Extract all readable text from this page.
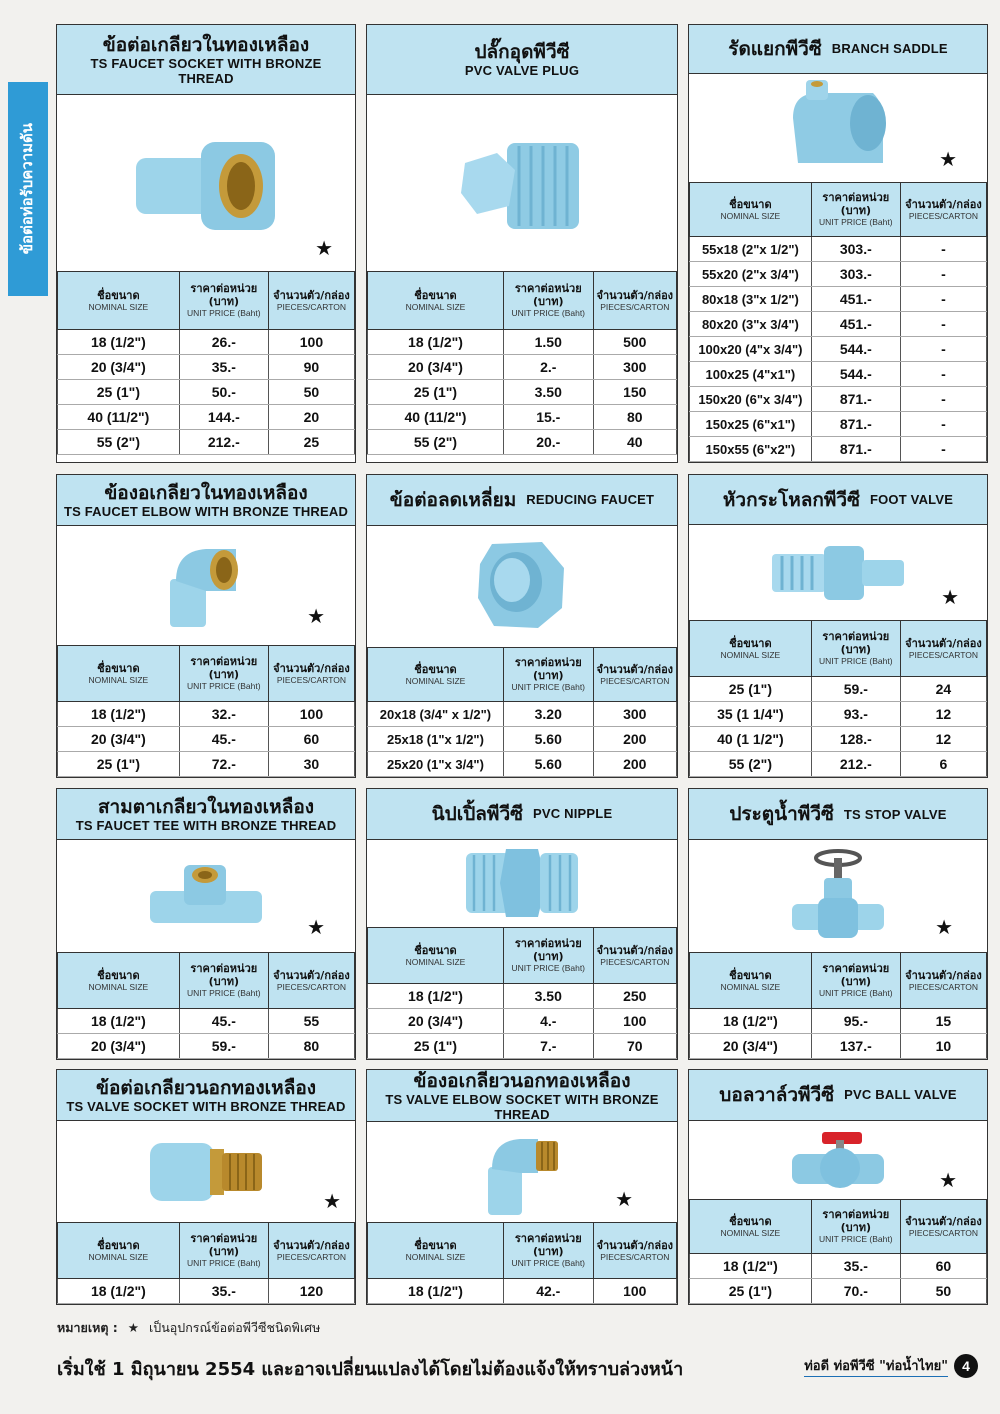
ข้อต่อท่อรับความดัน
ข้อต่อเกลียวในทองเหลือง
TS FAUCET SOCKET WITH BRONZE THREAD
★
ชื่อขนาด
NOMINAL SIZE	ราคาต่อหน่วย (บาท)
UNIT PRICE (Baht)	จำนวนตัว/กล่อง
PIECES/CARTON

18 (1/2")	26.-	100
20 (3/4")	35.-	90
25 (1")	50.-	50
40 (11/2")	144.-	20
55 (2")	212.-	25
ปลั๊กอุดพีวีซี
PVC VALVE PLUG
ชื่อขนาด
NOMINAL SIZE	ราคาต่อหน่วย (บาท)
UNIT PRICE (Baht)	จำนวนตัว/กล่อง
PIECES/CARTON

18 (1/2")	1.50	500
20 (3/4")	2.-	300
25 (1")	3.50	150
40 (11/2")	15.-	80
55 (2")	20.-	40
รัดแยกพีวีซี BRANCH SADDLE
★
ชื่อขนาด
NOMINAL SIZE	ราคาต่อหน่วย (บาท)
UNIT PRICE (Baht)	จำนวนตัว/กล่อง
PIECES/CARTON

55x18 (2"x 1/2")	303.-	-
55x20 (2"x 3/4")	303.-	-
80x18 (3"x 1/2")	451.-	-
80x20 (3"x 3/4")	451.-	-
100x20 (4"x 3/4")	544.-	-
100x25 (4"x1")	544.-	-
150x20 (6"x 3/4")	871.-	-
150x25 (6"x1")	871.-	-
150x55 (6"x2")	871.-	-
ข้องอเกลียวในทองเหลือง
TS FAUCET ELBOW WITH BRONZE THREAD
★
ชื่อขนาด
NOMINAL SIZE	ราคาต่อหน่วย (บาท)
UNIT PRICE (Baht)	จำนวนตัว/กล่อง
PIECES/CARTON

18 (1/2")	32.-	100
20 (3/4")	45.-	60
25 (1")	72.-	30
ข้อต่อลดเหลี่ยม REDUCING FAUCET
ชื่อขนาด
NOMINAL SIZE	ราคาต่อหน่วย (บาท)
UNIT PRICE (Baht)	จำนวนตัว/กล่อง
PIECES/CARTON

20x18 (3/4" x 1/2")	3.20	300
25x18 (1"x 1/2")	5.60	200
25x20 (1"x 3/4")	5.60	200
หัวกระโหลกพีวีซี FOOT VALVE
★
ชื่อขนาด
NOMINAL SIZE	ราคาต่อหน่วย (บาท)
UNIT PRICE (Baht)	จำนวนตัว/กล่อง
PIECES/CARTON

25 (1")	59.-	24
35 (1 1/4")	93.-	12
40 (1 1/2")	128.-	12
55 (2")	212.-	6
สามตาเกลียวในทองเหลือง
TS FAUCET TEE WITH BRONZE THREAD
★
ชื่อขนาด
NOMINAL SIZE	ราคาต่อหน่วย (บาท)
UNIT PRICE (Baht)	จำนวนตัว/กล่อง
PIECES/CARTON

18 (1/2")	45.-	55
20 (3/4")	59.-	80
นิปเปิ้ลพีวีซี PVC NIPPLE
ชื่อขนาด
NOMINAL SIZE	ราคาต่อหน่วย (บาท)
UNIT PRICE (Baht)	จำนวนตัว/กล่อง
PIECES/CARTON

18 (1/2")	3.50	250
20 (3/4")	4.-	100
25 (1")	7.-	70
ประตูน้ำพีวีซี TS STOP VALVE
★
ชื่อขนาด
NOMINAL SIZE	ราคาต่อหน่วย (บาท)
UNIT PRICE (Baht)	จำนวนตัว/กล่อง
PIECES/CARTON

18 (1/2")	95.-	15
20 (3/4")	137.-	10
ข้อต่อเกลียวนอกทองเหลือง
TS VALVE SOCKET WITH BRONZE THREAD
★
ชื่อขนาด
NOMINAL SIZE	ราคาต่อหน่วย (บาท)
UNIT PRICE (Baht)	จำนวนตัว/กล่อง
PIECES/CARTON

18 (1/2")	35.-	120
ข้องอเกลียวนอกทองเหลือง
TS VALVE ELBOW SOCKET WITH BRONZE THREAD
★
ชื่อขนาด
NOMINAL SIZE	ราคาต่อหน่วย (บาท)
UNIT PRICE (Baht)	จำนวนตัว/กล่อง
PIECES/CARTON

18 (1/2")	42.-	100
บอลวาล์วพีวีซี PVC BALL VALVE
★
ชื่อขนาด
NOMINAL SIZE	ราคาต่อหน่วย (บาท)
UNIT PRICE (Baht)	จำนวนตัว/กล่อง
PIECES/CARTON

18 (1/2")	35.-	60
25 (1")	70.-	50
หมายเหตุ : ★ เป็นอุปกรณ์ข้อต่อพีวีซีชนิดพิเศษ
เริ่มใช้ 1 มิถุนายน 2554 และอาจเปลี่ยนแปลงได้โดยไม่ต้องแจ้งให้ทราบล่วงหน้า	ท่อดี ท่อพีวีซี "ท่อน้ำไทย"	4
